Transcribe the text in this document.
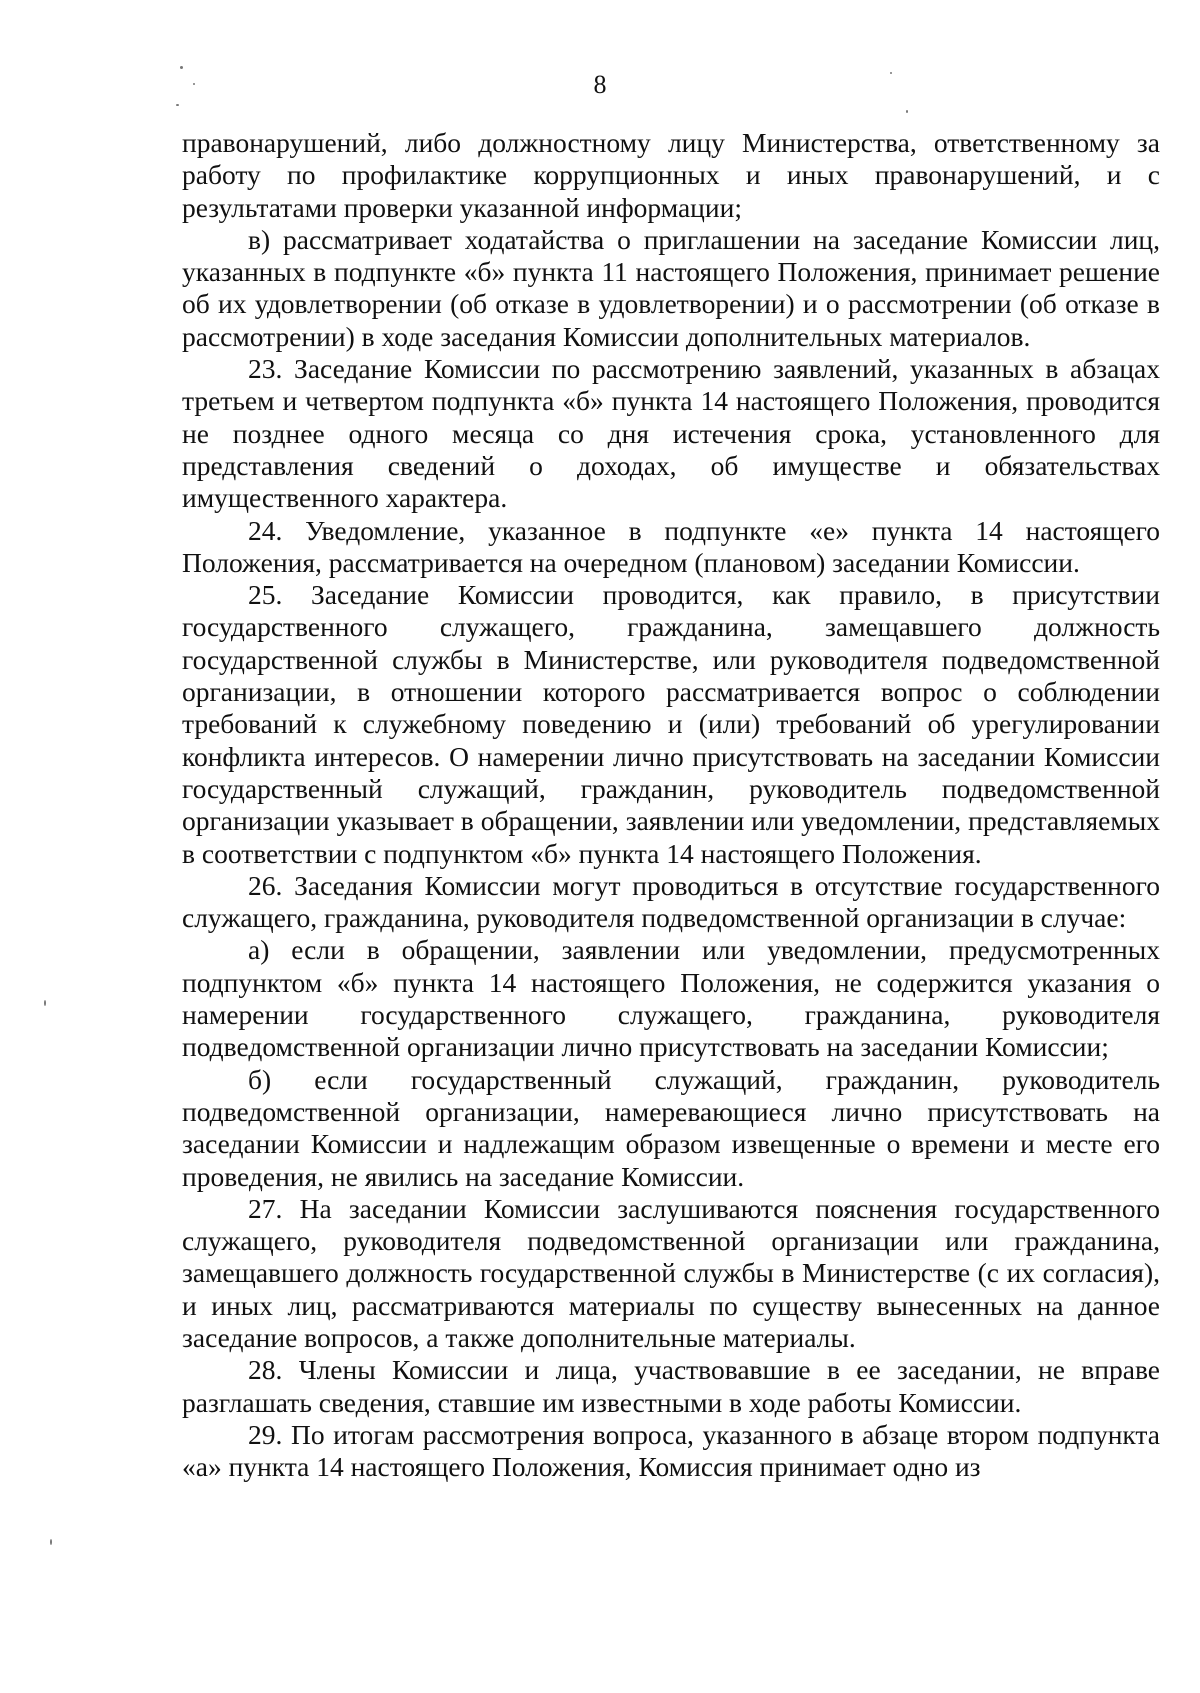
8

правонарушений, либо должностному лицу Министерства, ответственному за работу по профилактике коррупционных и иных правонарушений, и с результатами проверки указанной информации;

в) рассматривает ходатайства о приглашении на заседание Комиссии лиц, указанных в подпункте «б» пункта 11 настоящего Положения, принимает решение об их удовлетворении (об отказе в удовлетворении) и о рассмотрении (об отказе в рассмотрении) в ходе заседания Комиссии дополнительных материалов.

23. Заседание Комиссии по рассмотрению заявлений, указанных в абзацах третьем и четвертом подпункта «б» пункта 14 настоящего Положения, проводится не позднее одного месяца со дня истечения срока, установленного для представления сведений о доходах, об имуществе и обязательствах имущественного характера.

24. Уведомление, указанное в подпункте «е» пункта 14 настоящего Положения, рассматривается на очередном (плановом) заседании Комиссии.

25. Заседание Комиссии проводится, как правило, в присутствии государственного служащего, гражданина, замещавшего должность государственной службы в Министерстве, или руководителя подведомственной организации, в отношении которого рассматривается вопрос о соблюдении требований к служебному поведению и (или) требований об урегулировании конфликта интересов. О намерении лично присутствовать на заседании Комиссии государственный служащий, гражданин, руководитель подведомственной организации указывает в обращении, заявлении или уведомлении, представляемых в соответствии с подпунктом «б» пункта 14 настоящего Положения.

26. Заседания Комиссии могут проводиться в отсутствие государственного служащего, гражданина, руководителя подведомственной организации в случае:

а) если в обращении, заявлении или уведомлении, предусмотренных подпунктом «б» пункта 14 настоящего Положения, не содержится указания о намерении государственного служащего, гражданина, руководителя подведомственной организации лично присутствовать на заседании Комиссии;

б) если государственный служащий, гражданин, руководитель подведомственной организации, намеревающиеся лично присутствовать на заседании Комиссии и надлежащим образом извещенные о времени и месте его проведения, не явились на заседание Комиссии.

27. На заседании Комиссии заслушиваются пояснения государственного служащего, руководителя подведомственной организации или гражданина, замещавшего должность государственной службы в Министерстве (с их согласия), и иных лиц, рассматриваются материалы по существу вынесенных на данное заседание вопросов, а также дополнительные материалы.

28. Члены Комиссии и лица, участвовавшие в ее заседании, не вправе разглашать сведения, ставшие им известными в ходе работы Комиссии.

29. По итогам рассмотрения вопроса, указанного в абзаце втором подпункта «а» пункта 14 настоящего Положения, Комиссия принимает одно из
